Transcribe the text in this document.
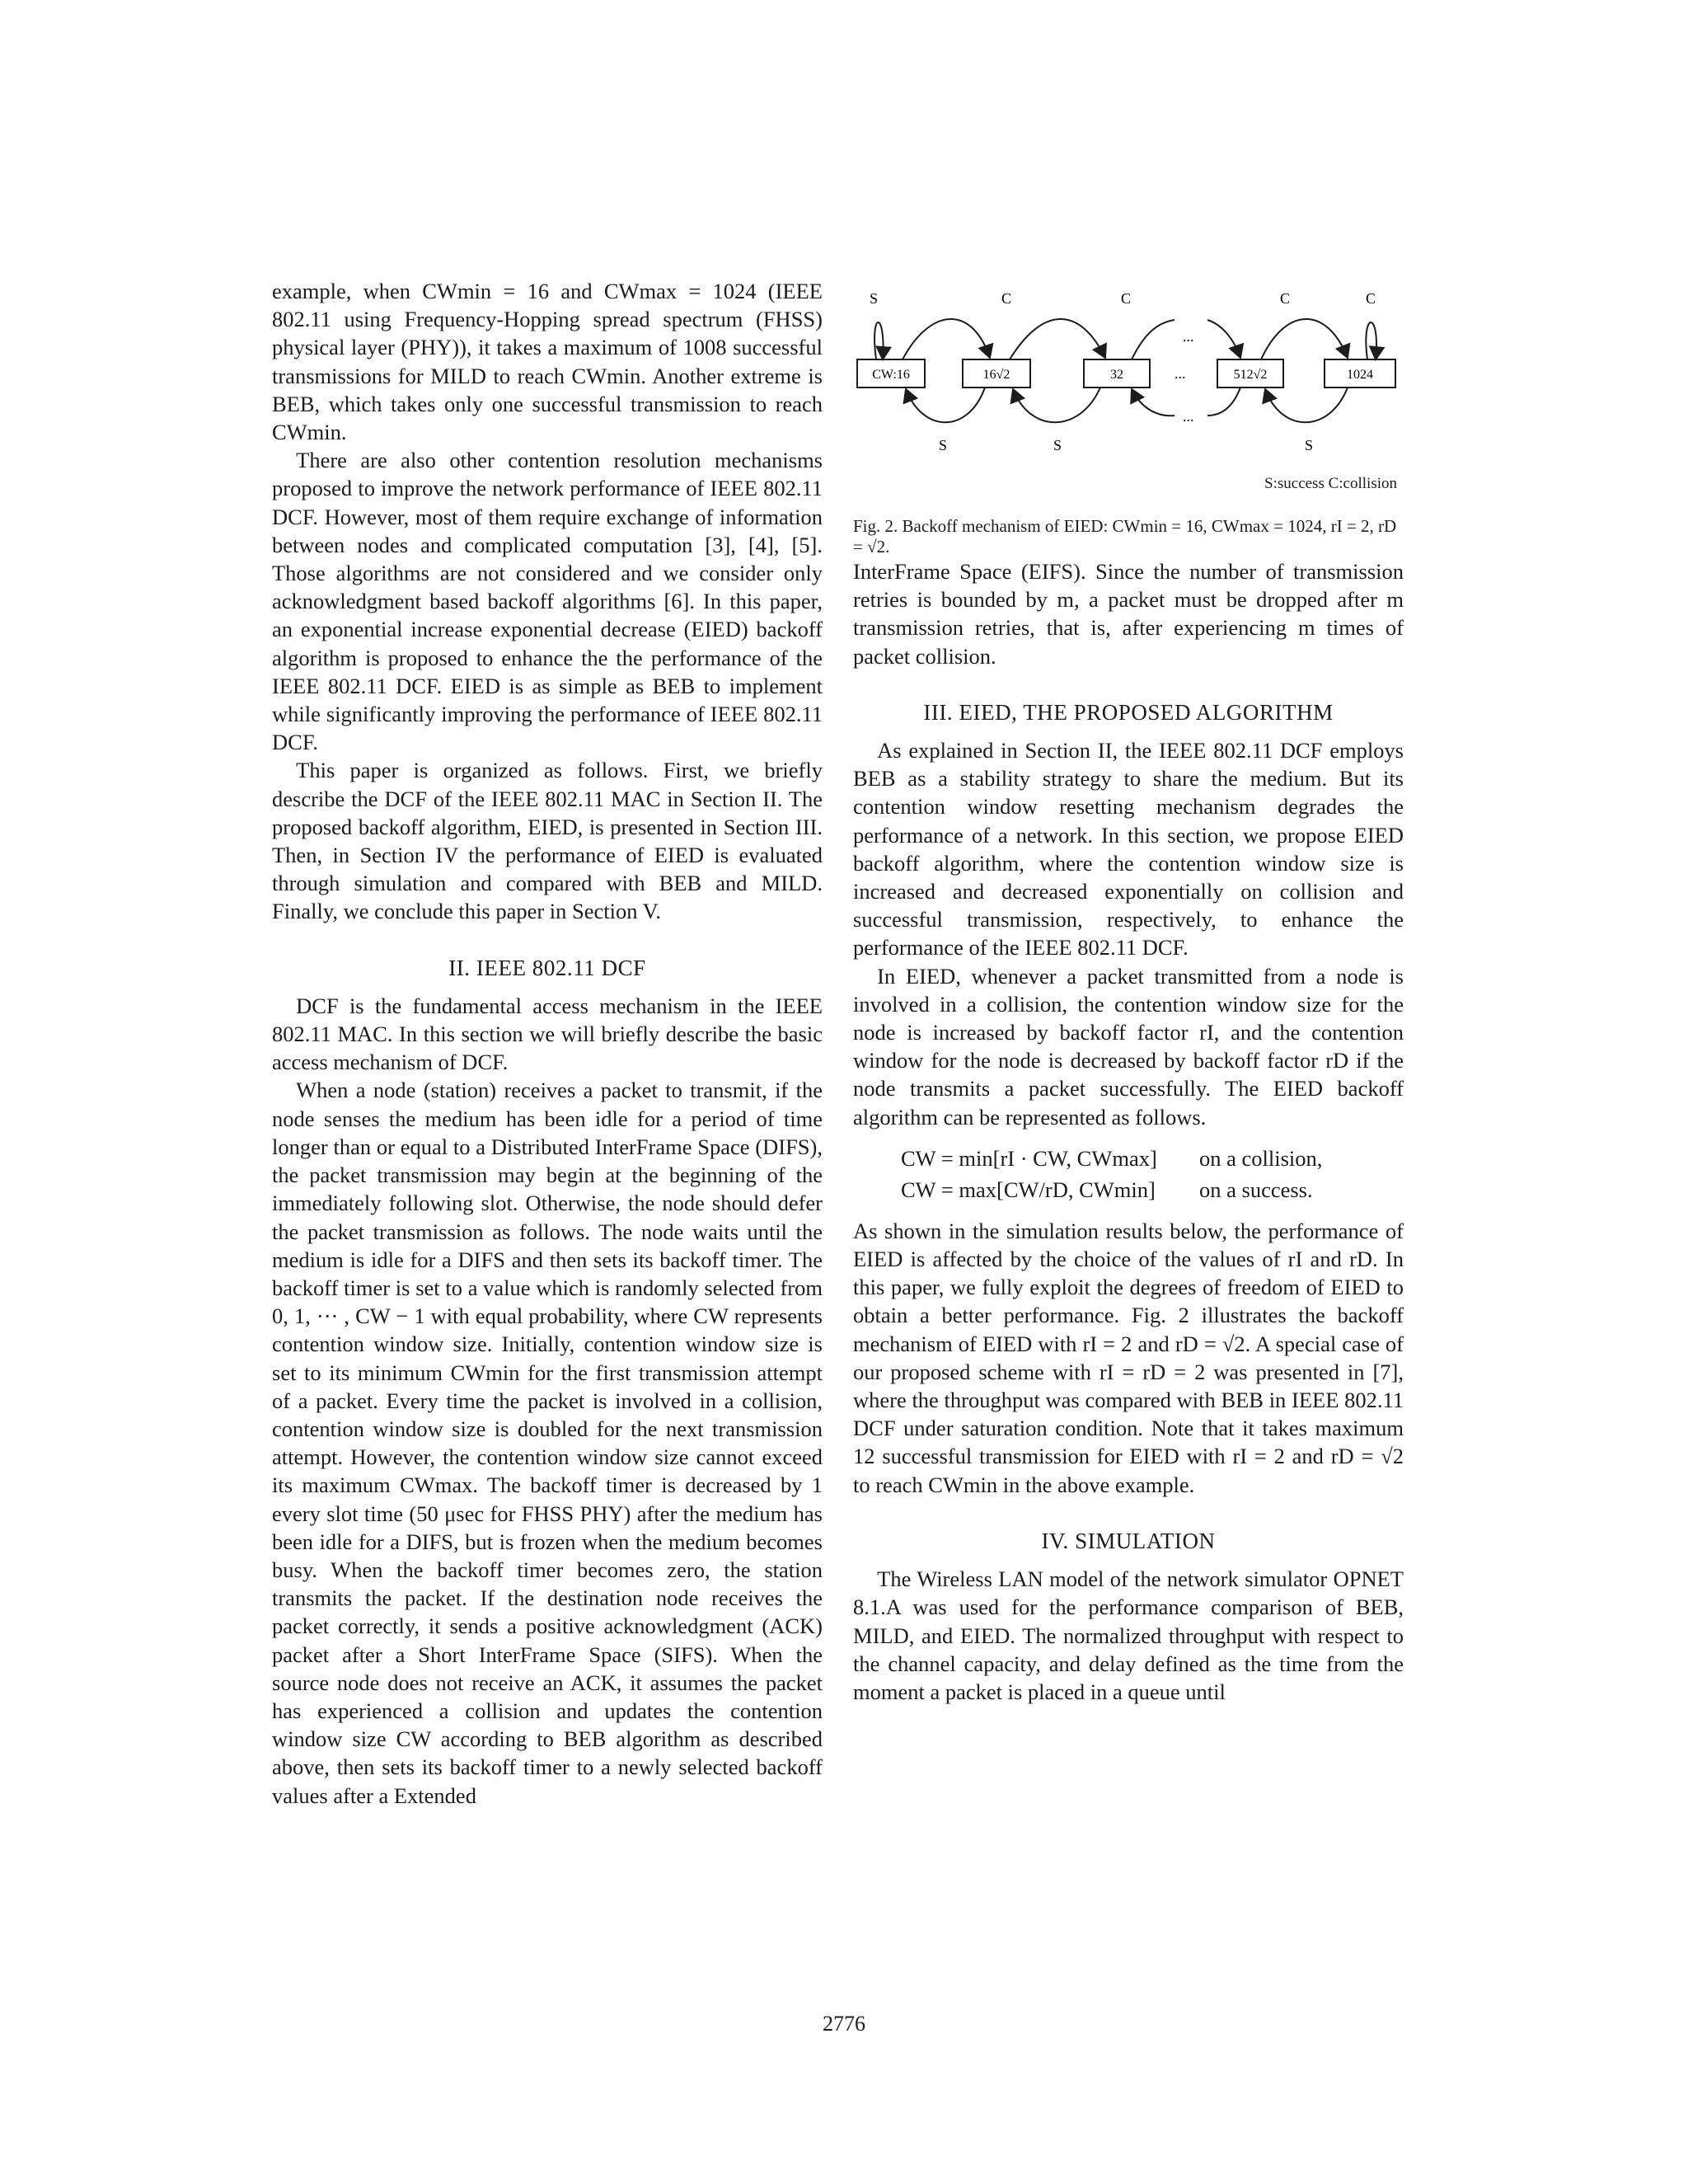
example, when CWmin = 16 and CWmax = 1024 (IEEE 802.11 using Frequency-Hopping spread spectrum (FHSS) physical layer (PHY)), it takes a maximum of 1008 successful transmissions for MILD to reach CWmin. Another extreme is BEB, which takes only one successful transmission to reach CWmin.

There are also other contention resolution mechanisms proposed to improve the network performance of IEEE 802.11 DCF. However, most of them require exchange of information between nodes and complicated computation [3], [4], [5]. Those algorithms are not considered and we consider only acknowledgment based backoff algorithms [6]. In this paper, an exponential increase exponential decrease (EIED) backoff algorithm is proposed to enhance the the performance of the IEEE 802.11 DCF. EIED is as simple as BEB to implement while significantly improving the performance of IEEE 802.11 DCF.

This paper is organized as follows. First, we briefly describe the DCF of the IEEE 802.11 MAC in Section II. The proposed backoff algorithm, EIED, is presented in Section III. Then, in Section IV the performance of EIED is evaluated through simulation and compared with BEB and MILD. Finally, we conclude this paper in Section V.

II. IEEE 802.11 DCF

DCF is the fundamental access mechanism in the IEEE 802.11 MAC. In this section we will briefly describe the basic access mechanism of DCF.

When a node (station) receives a packet to transmit, if the node senses the medium has been idle for a period of time longer than or equal to a Distributed InterFrame Space (DIFS), the packet transmission may begin at the beginning of the immediately following slot. Otherwise, the node should defer the packet transmission as follows. The node waits until the medium is idle for a DIFS and then sets its backoff timer. The backoff timer is set to a value which is randomly selected from 0, 1, ··· , CW − 1 with equal probability, where CW represents contention window size. Initially, contention window size is set to its minimum CWmin for the first transmission attempt of a packet. Every time the packet is involved in a collision, contention window size is doubled for the next transmission attempt. However, the contention window size cannot exceed its maximum CWmax. The backoff timer is decreased by 1 every slot time (50 μsec for FHSS PHY) after the medium has been idle for a DIFS, but is frozen when the medium becomes busy. When the backoff timer becomes zero, the station transmits the packet. If the destination node receives the packet correctly, it sends a positive acknowledgment (ACK) packet after a Short InterFrame Space (SIFS). When the source node does not receive an ACK, it assumes the packet has experienced a collision and updates the contention window size CW according to BEB algorithm as described above, then sets its backoff timer to a newly selected backoff values after a Extended

S	C	C	C	C
...
CW:16	16√2	32	...	512√2	1024
S	S	S
...
S:success C:collision

Fig. 2. Backoff mechanism of EIED: CWmin = 16, CWmax = 1024, rI = 2, rD = √2.

InterFrame Space (EIFS). Since the number of transmission retries is bounded by m, a packet must be dropped after m transmission retries, that is, after experiencing m times of packet collision.

III. EIED, THE PROPOSED ALGORITHM

As explained in Section II, the IEEE 802.11 DCF employs BEB as a stability strategy to share the medium. But its contention window resetting mechanism degrades the performance of a network. In this section, we propose EIED backoff algorithm, where the contention window size is increased and decreased exponentially on collision and successful transmission, respectively, to enhance the performance of the IEEE 802.11 DCF.

In EIED, whenever a packet transmitted from a node is involved in a collision, the contention window size for the node is increased by backoff factor rI, and the contention window for the node is decreased by backoff factor rD if the node transmits a packet successfully. The EIED backoff algorithm can be represented as follows.

CW = min[rI · CW, CWmax]	on a collision,
CW = max[CW/rD, CWmin]	on a success.

As shown in the simulation results below, the performance of EIED is affected by the choice of the values of rI and rD. In this paper, we fully exploit the degrees of freedom of EIED to obtain a better performance. Fig. 2 illustrates the backoff mechanism of EIED with rI = 2 and rD = √2. A special case of our proposed scheme with rI = rD = 2 was presented in [7], where the throughput was compared with BEB in IEEE 802.11 DCF under saturation condition. Note that it takes maximum 12 successful transmission for EIED with rI = 2 and rD = √2 to reach CWmin in the above example.

IV. SIMULATION

The Wireless LAN model of the network simulator OPNET 8.1.A was used for the performance comparison of BEB, MILD, and EIED. The normalized throughput with respect to the channel capacity, and delay defined as the time from the moment a packet is placed in a queue until

2776
